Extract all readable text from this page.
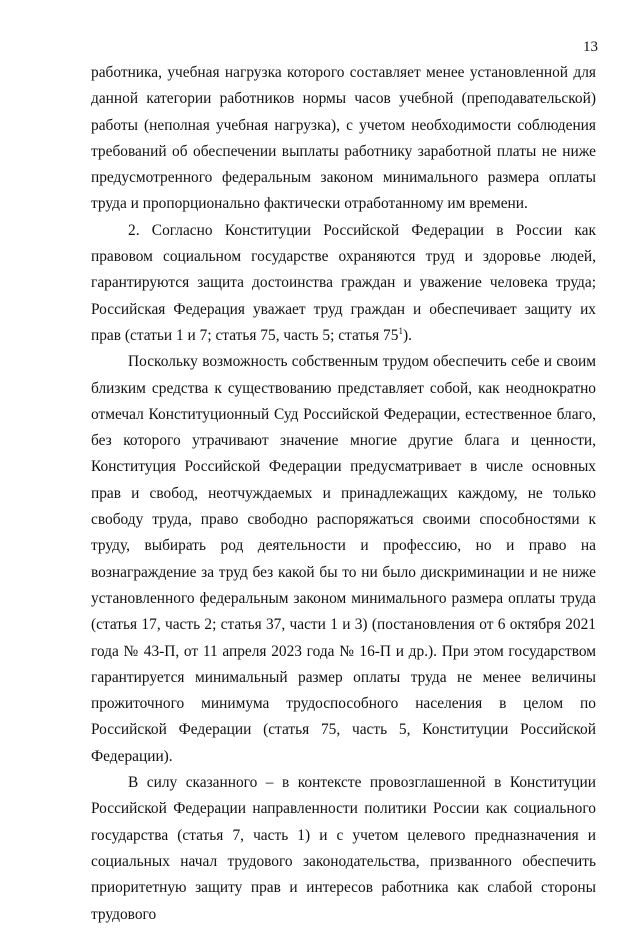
13

работника, учебная нагрузка которого составляет менее установленной для данной категории работников нормы часов учебной (преподавательской) работы (неполная учебная нагрузка), с учетом необходимости соблюдения требований об обеспечении выплаты работнику заработной платы не ниже предусмотренного федеральным законом минимального размера оплаты труда и пропорционально фактически отработанному им времени.

2. Согласно Конституции Российской Федерации в России как правовом социальном государстве охраняются труд и здоровье людей, гарантируются защита достоинства граждан и уважение человека труда; Российская Федерация уважает труд граждан и обеспечивает защиту их прав (статьи 1 и 7; статья 75, часть 5; статья $75^1$).

Поскольку возможность собственным трудом обеспечить себе и своим близким средства к существованию представляет собой, как неоднократно отмечал Конституционный Суд Российской Федерации, естественное благо, без которого утрачивают значение многие другие блага и ценности, Конституция Российской Федерации предусматривает в числе основных прав и свобод, неотчуждаемых и принадлежащих каждому, не только свободу труда, право свободно распоряжаться своими способностями к труду, выбирать род деятельности и профессию, но и право на вознаграждение за труд без какой бы то ни было дискриминации и не ниже установленного федеральным законом минимального размера оплаты труда (статья 17, часть 2; статья 37, части 1 и 3) (постановления от 6 октября 2021 года № 43-П, от 11 апреля 2023 года № 16-П и др.). При этом государством гарантируется минимальный размер оплаты труда не менее величины прожиточного минимума трудоспособного населения в целом по Российской Федерации (статья 75, часть 5, Конституции Российской Федерации).

В силу сказанного – в контексте провозглашенной в Конституции Российской Федерации направленности политики России как социального государства (статья 7, часть 1) и с учетом целевого предназначения и социальных начал трудового законодательства, призванного обеспечить приоритетную защиту прав и интересов работника как слабой стороны трудового
